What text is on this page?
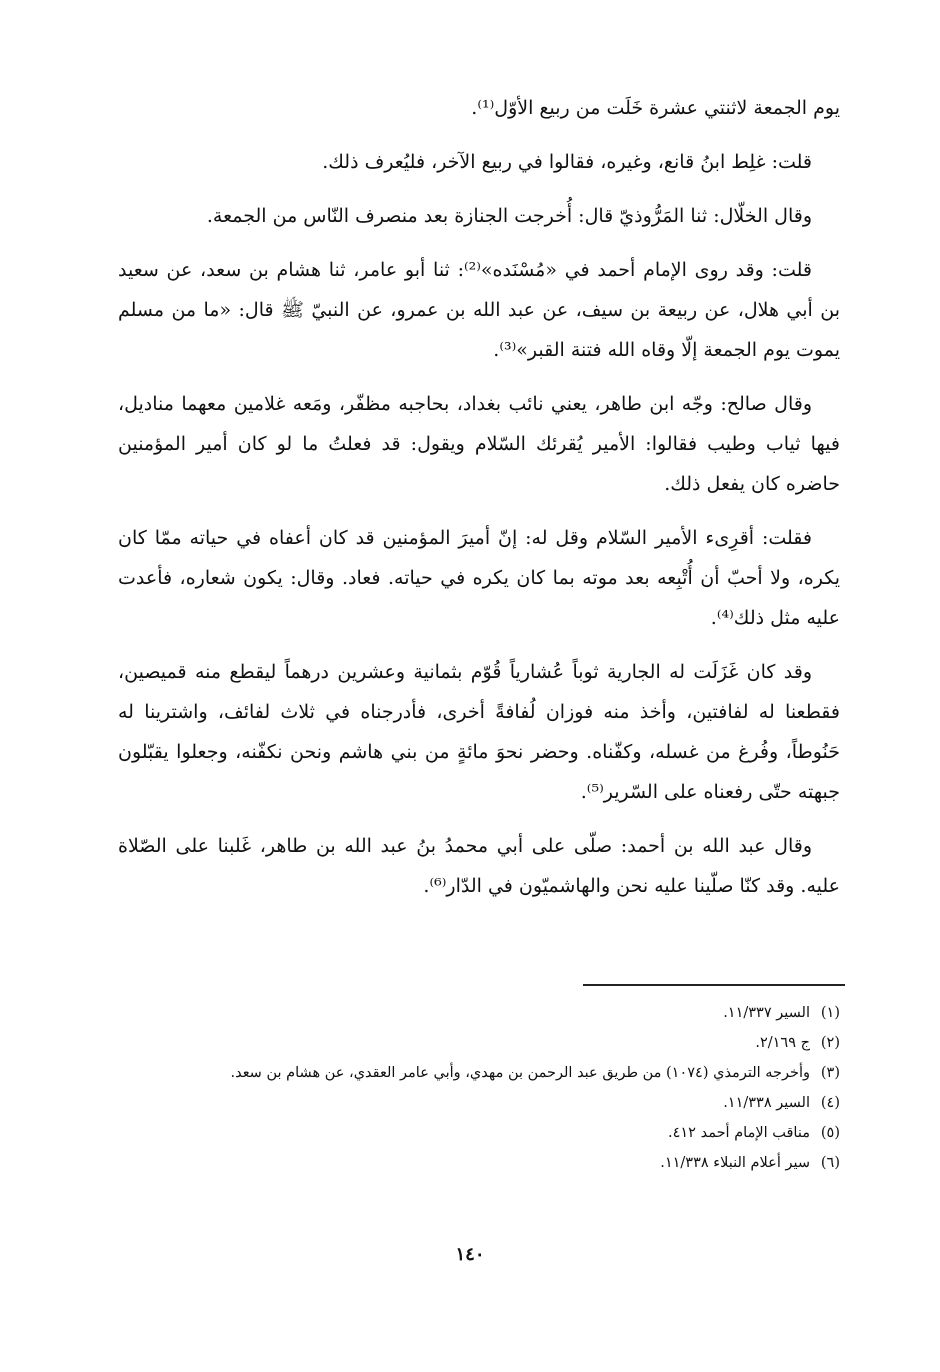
يوم الجمعة لاثنتي عشرة خَلَت من ربيع الأوّل⁽¹⁾.

قلت: غلِط ابنُ قانع، وغيره، فقالوا في ربيع الآخر، فليُعرف ذلك.

وقال الخلّال: ثنا المَرُّوذيّ قال: أُخرجت الجنازة بعد منصرف النّاس من الجمعة.

قلت: وقد روى الإمام أحمد في «مُسْنَده»⁽²⁾: ثنا أبو عامر، ثنا هشام بن سعد، عن سعيد بن أبي هلال، عن ربيعة بن سيف، عن عبد الله بن عمرو، عن النبيّ ﷺ قال: «ما من مسلم يموت يوم الجمعة إلّا وقاه الله فتنة القبر»⁽³⁾.

وقال صالح: وجّه ابن طاهر، يعني نائب بغداد، بحاجبه مظفّر، ومَعه غلامين معهما مناديل، فيها ثياب وطيب فقالوا: الأمير يُقرئك السّلام ويقول: قد فعلتُ ما لو كان أمير المؤمنين حاضره كان يفعل ذلك.

فقلت: أقرِىء الأمير السّلام وقل له: إنّ أميرَ المؤمنين قد كان أعفاه في حياته ممّا كان يكره، ولا أحبّ أن أُتْبِعه بعد موته بما كان يكره في حياته. فعاد. وقال: يكون شعاره، فأعدت عليه مثل ذلك⁽⁴⁾.

وقد كان غَزَلَت له الجارية ثوباً عُشارياً قُوّم بثمانية وعشرين درهماً ليقطع منه قميصين، فقطعنا له لفافتين، وأخذ منه فوزان لُفافةً أخرى، فأدرجناه في ثلاث لفائف، واشترينا له حَنُوطاً، وفُرغ من غسله، وكفّناه. وحضر نحوَ مائةٍ من بني هاشم ونحن نكفّنه، وجعلوا يقبّلون جبهته حتّى رفعناه على السّرير⁽⁵⁾.

وقال عبد الله بن أحمد: صلّى على أبي محمدُ بنُ عبد الله بن طاهر، غَلبنا على الصّلاة عليه. وقد كنّا صلّينا عليه نحن والهاشميّون في الدّار⁽⁶⁾.

(١)السير ١١/٣٣٧.

(٢)ج ٢/١٦٩.

(٣)وأخرجه الترمذي (١٠٧٤) من طريق عبد الرحمن بن مهدي، وأبي عامر العقدي، عن هشام بن سعد.

(٤)السير ١١/٣٣٨.

(٥)مناقب الإمام أحمد ٤١٢.

(٦)سير أعلام النبلاء ١١/٣٣٨.

١٤٠
